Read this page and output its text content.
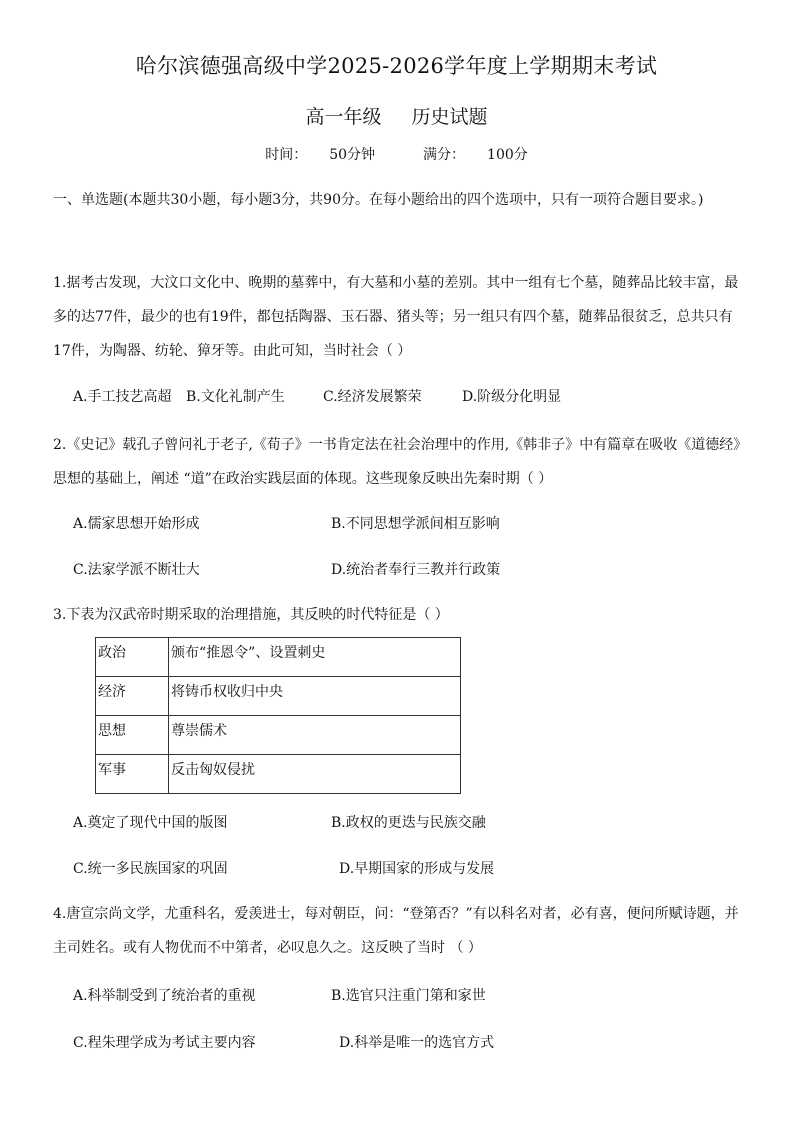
哈尔滨德强高级中学2025-2026学年度上学期期末考试
高一年级 历史试题
时间： 50分钟	满分： 100分
一、单选题(本题共30小题，每小题3分，共90分。在每小题给出的四个选项中，只有一项符合题目要求。)
1.据考古发现，大汶口文化中、晚期的墓葬中，有大墓和小墓的差别。其中一组有七个墓，随葬品比较丰富，最多的达77件，最少的也有19件，都包括陶器、玉石器、猪头等；另一组只有四个墓，随葬品很贫乏，总共只有 17件，为陶器、纺轮、獐牙等。由此可知，当时社会（ ）
A.手工技艺高超 B.文化礼制产生	C.经济发展繁荣	D.阶级分化明显
2.《史记》载孔子曾问礼于老子,《荀子》一书肯定法在社会治理中的作用,《韩非子》中有篇章在吸收《道德经》思想的基础上，阐述 “道”在政治实践层面的体现。这些现象反映出先秦时期（ ）
A.儒家思想开始形成	B.不同思想学派间相互影响
C.法家学派不断壮大	D.统治者奉行三教并行政策
3.下表为汉武帝时期采取的治理措施，其反映的时代特征是（ ）
政治	颁布“推恩令”、设置刺史
经济	将铸币权收归中央
思想	尊崇儒术
军事	反击匈奴侵扰
A.奠定了现代中国的版图	B.政权的更迭与民族交融
C.统一多民族国家的巩固	D.早期国家的形成与发展
4.唐宣宗尚文学，尤重科名，爱羡进士，每对朝臣，问：“登第否？”有以科名对者，必有喜，便问所赋诗题，并主司姓名。或有人物优而不中第者，必叹息久之。这反映了当时 （ ）
A.科举制受到了统治者的重视	B.选官只注重门第和家世
C.程朱理学成为考试主要内容	D.科举是唯一的选官方式
